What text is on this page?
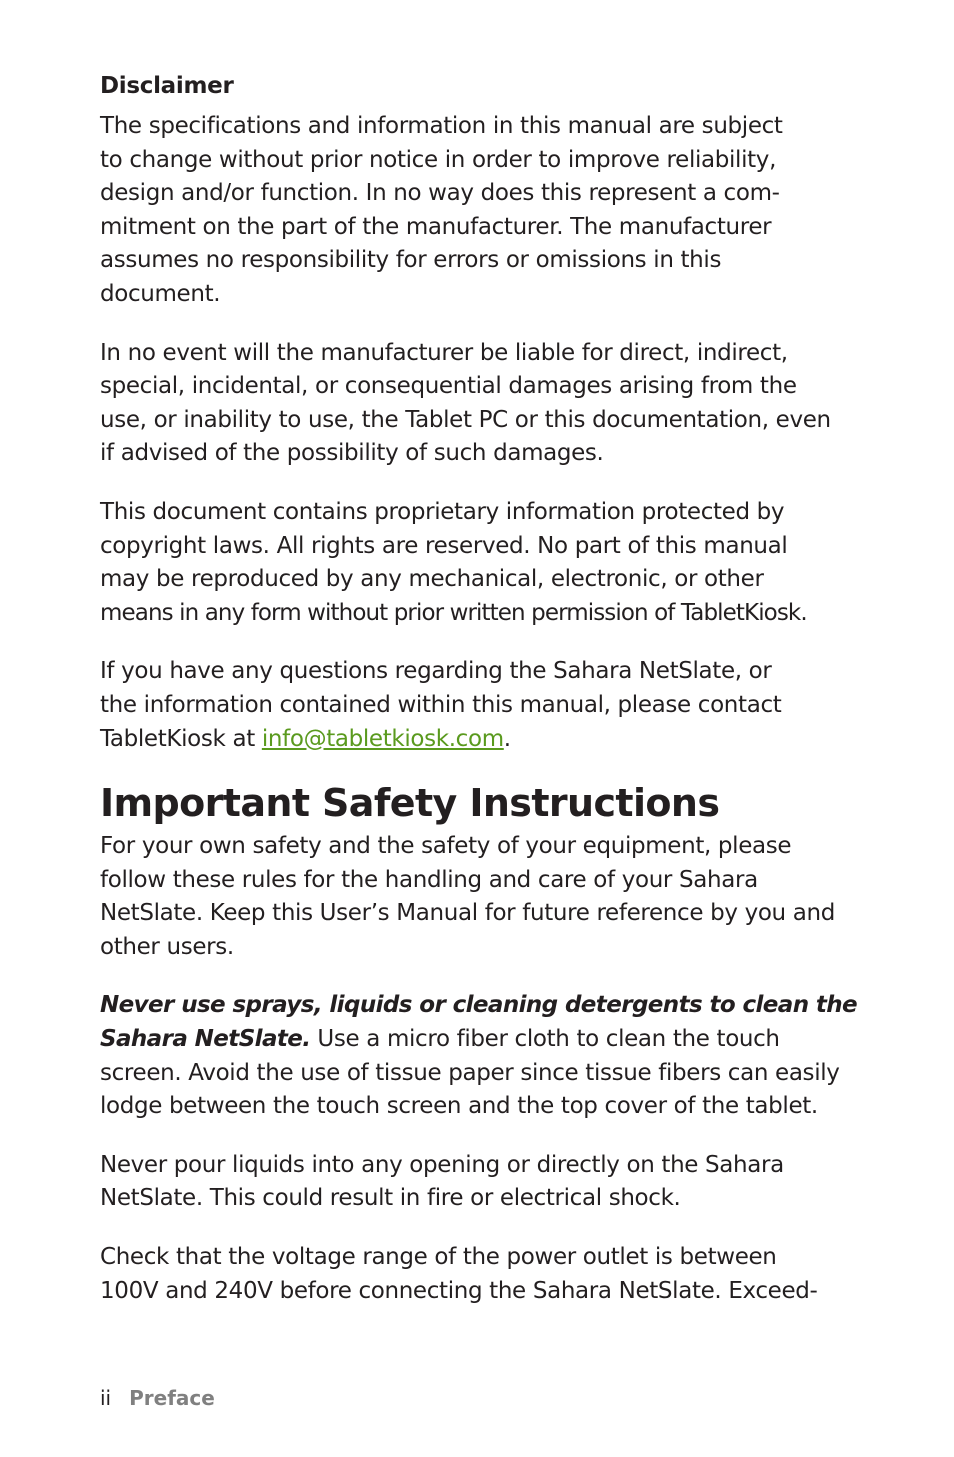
Disclaimer

The specifications and information in this manual are subject
to change without prior notice in order to improve reliability,
design and/or function. In no way does this represent a com-
mitment on the part of the manufacturer. The manufacturer
assumes no responsibility for errors or omissions in this
document.

In no event will the manufacturer be liable for direct, indirect,
special, incidental, or consequential damages arising from the
use, or inability to use, the Tablet PC or this documentation, even
if advised of the possibility of such damages.

This document contains proprietary information protected by
copyright laws. All rights are reserved. No part of this manual
may be reproduced by any mechanical, electronic, or other
means in any form without prior written permission of TabletKiosk.

If you have any questions regarding the Sahara NetSlate, or
the information contained within this manual, please contact
TabletKiosk at info@tabletkiosk.com.

Important Safety Instructions

For your own safety and the safety of your equipment, please
follow these rules for the handling and care of your Sahara
NetSlate. Keep this User’s Manual for future reference by you and
other users.

Never use sprays, liquids or cleaning detergents to clean the
Sahara NetSlate. Use a micro fiber cloth to clean the touch
screen. Avoid the use of tissue paper since tissue fibers can easily
lodge between the touch screen and the top cover of the tablet.

Never pour liquids into any opening or directly on the Sahara
NetSlate. This could result in fire or electrical shock.

Check that the voltage range of the power outlet is between
100V and 240V before connecting the Sahara NetSlate. Exceed-

ii Preface
